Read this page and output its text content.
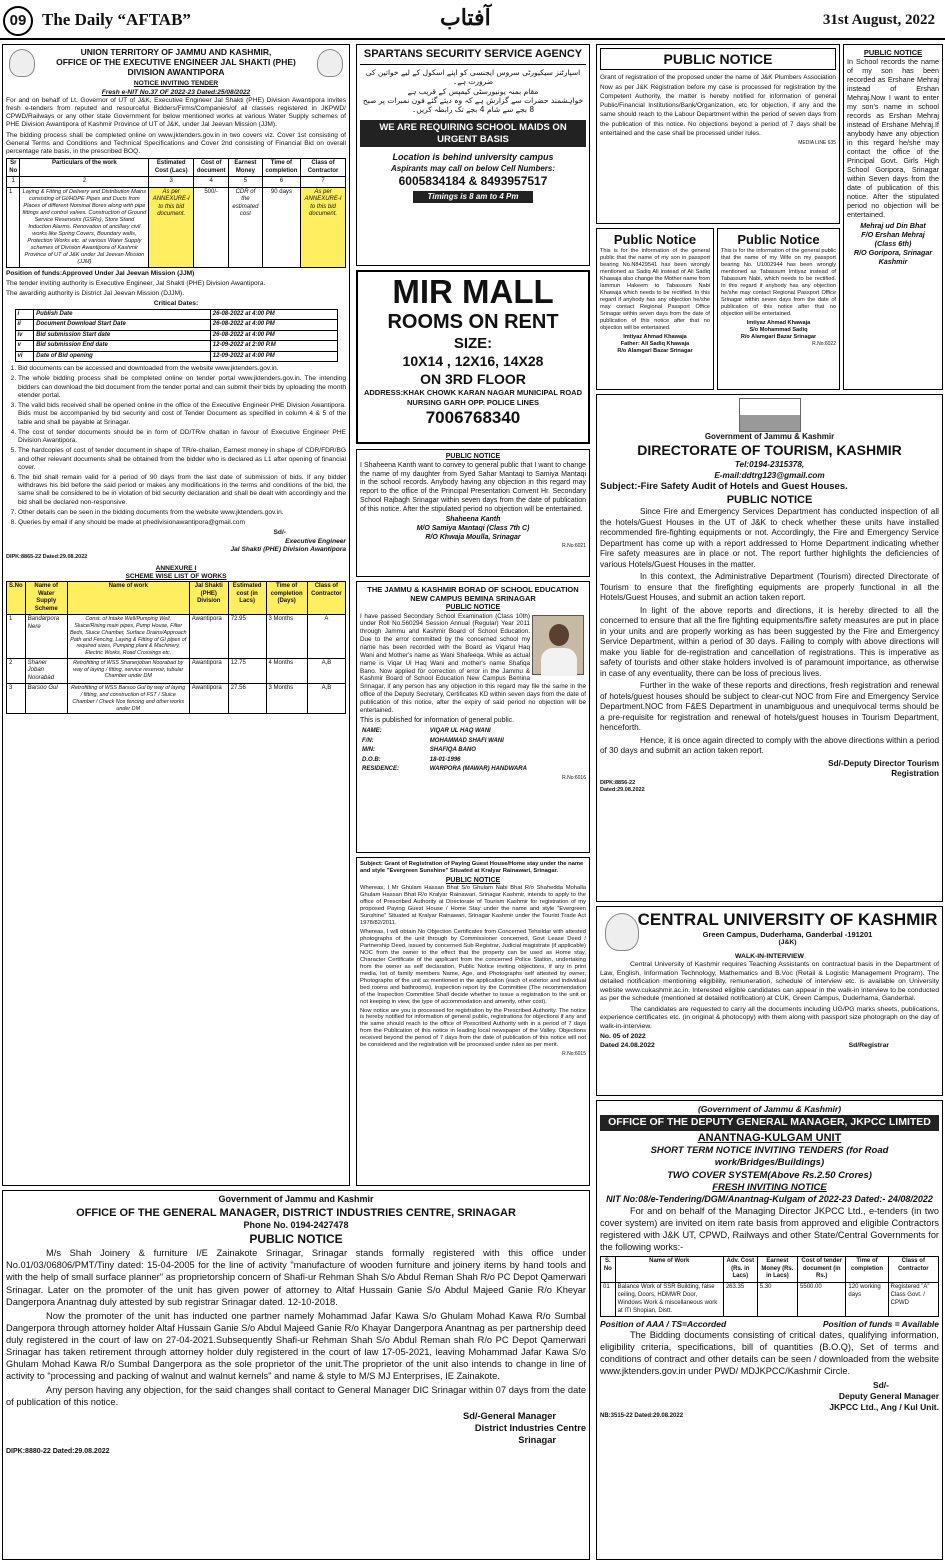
09 The Daily “AFTAB”	آفتاب	31st August, 2022
UNION TERRITORY OF JAMMU AND KASHMIR,
OFFICE OF THE EXECUTIVE ENGINEER JAL SHAKTI (PHE)
DIVISION AWANTIPORA
NOTICE INVITING TENDER
Fresh e-NIT No.37 OF 2022-23 Dated:25/08/2022

For and on behalf of Lt. Governor of UT of J&K, Executive Engineer Jal Shakti (PHE) Division Awantipora invites fresh e-tenders from reputed and resourceful Bidders/Firms/Companies/of all classes registered in JKPWD/ CPWD/Railways or any other state Government for below mentioned works at various Water Supply schemes of PHE Division Awantipora of Kashmir Province of UT of J&K, under Jal Jeevan Mission (JJM).

The bidding process shall be completed online on www.jktenders.gov.in in two covers viz. Cover 1st consisting of General Terms and Conditions and Technical Specifications and Cover 2nd consisting of Financial Bid on overall percentage rate basis, in the prescribed BOQ.

Sr No	Particulars of the work	Estimated Cost (Lacs)	Cost of document	Earnest Money	Time of completion	Class of Contractor
1	2	3	4	5	6	7
1	Laying & Fitting of Delivery and Distribution Mains consisting of GI/HDPE Pipes and Ducts from Places of different Nominal Bores along with pipe fittings and control valves. Construction of Ground Service Reservoirs (GSRs), Store Stand Induction Alarms. Renovation of ancillary civil works like Spring Covers, Boundary walls, Protection Works etc. at various Water Supply schemes of Division Awantipora of Kashmir Province of UT of J&K under Jal Jeevan Mission (JJM)	As per ANNEXURE-I to this bid document.	500/-	CDR of the estimated cost	90 days	As per ANNEXURE-I to this bid document.

Position of funds:Approved Under Jal Jeevan Mission (JJM)

The tender inviting authority is Executive Engineer, Jal Shakti (PHE) Division Awantipora.

The awarding authority is District Jal Jeevan Mission (DJJM).

Critical Dates:
i	Publish Date	26-08-2022 at 4:00 PM
ii	Document Download Start Date	26-08-2022 at 4:00 PM
iv	Bid submission Start date	26-08-2022 at 4:00 PM
v	Bid submission End date	12-09-2022 at 2:00 P.M
vi	Date of Bid opening	12-09-2022 at 4:00 PM
1. Bid documents can be accessed and downloaded from the website www.jktenders.gov.in.
2. The whole bidding process shall be completed online on tender portal www.jktenders.gov.in. The intending bidders can download the bid document from the tender portal and can submit their bids by uploading the month etender portal.
3. The valid bids received shall be opened online in the office of the Executive Engineer PHE Division Awantipora. Bids must be accompanied by bid security and cost of Tender Document as specified in column 4 & 5 of the table and shall be payable at Srinagar.
4. The cost of tender documents should be in form of DD/TR/e challan in favour of Executive Engineer PHE Division Awantipora.
5. The hardcopies of cost of tender document in shape of TR/e-challan, Earnest money in shape of CDR/FDR/BG and other relevant documents shall be obtained from the bidder who is declared as L1 after opening of financial cover.
6. The bid shall remain valid for a period of 90 days from the last date of submission of bids. If any bidder withdraws his bid before the said period or makes any modifications in the terms and conditions of the bid, the same shall be considered to be in violation of bid security declaration and shall be dealt with accordingly and the bid shall be declared non-responsive.
7. Other details can be seen in the bidding documents from the website www.jktenders.gov.in.
8. Queries by email if any should be made at phedivisionawantipora@gmail.com
Sd/-
Executive Engineer
Jal Shakti (PHE) Division Awantipora
DIPK:8865-22 Dated:29.08.2022
ANNEXURE I
SCHEME WISE LIST OF WORKS
S.No	Name of Water Supply Scheme	Name of work	Jal Shakti (PHE) Division	Estimated cost (in Lacs)	Time of completion (Days)	Class of Contractor
1	Bandarpora Nere	Const. of Intake Well/Pumping Well, Sluice/Rising main pipes, Pump House, Filter Beds, Sluice Chamber, Surface Drains/Approach Path and Fencing, Laying & Fitting of GI pipes of required sizes, Pumping plant & Machinery, Electric Works, Road Crossings etc.	Awantipora	72.95	3 Months	A
2	Shaner Joban Noorabad	Retrofitting of WSS Shanerjoban Noorabad by way of laying / fitting, service reservoir, tubular Chamber under DM	Awantipora	12.75	4 Months	A,B
3	Barsoo Gul	Retrofitting of WSS Barsoo Gul by way of laying / fitting, and construction of FST / Sluice Chamber / Check Nos fencing and other works under DM	Awantipora	27.56	3 Months	A,B
SPARTANS SECURITY SERVICE AGENCY
اسپارٹنز سیکیورٹی سروس ایجنسی کو اپنے اسکول کے لیے خواتین کی ضرورت ہے۔
مقام بمنہ یونیورسٹی کیمپس کے قریب ہے
خواہشمند حضرات سے گزارش ہے کہ وہ دیئے گئے فون نمبرات پر صبح 8 بجے سے شام 4 بجے تک رابطہ کریں۔
WE ARE REQUIRING SCHOOL MAIDS ON URGENT BASIS
Location is behind university campus
Aspirants may call on below Cell Numbers:
6005834184 & 8493957517
Timings is 8 am to 4 Pm
MIR MALL
ROOMS ON RENT
SIZE:
10X14 , 12X16, 14X28
ON 3RD FLOOR
ADDRESS:KHAK CHOWK KARAN NAGAR MUNICIPAL ROAD NURSING GARH OPP. POLICE LINES
7006768340
PUBLIC NOTICE

I Shaheena Kanth want to convey to general public that I want to change the name of my daughter from Syed Sahar Mantaqi to Samiya Mantaqi in the school records. Anybody having any objection in this regard may report to the office of the Principal Presentation Convent Hr. Secondary School Rajbagh Srinagar within seven days from the date of publication of this notice. After the stipulated period no objection will be entertained.

Shaheena Kanth
M/O Samiya Mantaqi (Class 7th C)
R/O Khwaja Moulla, Srinagar
R.No:6021
THE JAMMU & KASHMIR BORAD OF SCHOOL EDUCATION
NEW CAMPUS BEMINA SRINAGAR
PUBLIC NOTICE

I have passed Secondary School Examination (Class 10th) under Roll No.560294 Session Annual (Regular) Year 2011 through Jammu and Kashmir Board of School Education. Due to the error committed by the concerned school my name has been recorded with the Board as Viqarul Haq Wani and Mother's name as Wani Shafeeqa. While as actual name is Viqar Ul Haq Wani and mother's name Shafiqa Bano. Now applied for correction of error in the Jammu & Kashmir Board of School Education New Campus Bemina Srinagar, if any person has any objection in this regard may file the same in the office of the Deputy Secretary, Certificates KD within seven days from the date of publication of this notice, after the expiry of said period no objection will be entertained.

This is published for information of general public.

NAME:	VIQAR UL HAQ WANI
F/N:	MOHAMMAD SHAFI WANI
M/N:	SHAFIQA BANO
D.O.B:	18-01-1996
RESIDENCE:	WARPORA (MAWAR) HANDWARA
R.No:6016

Subject: Grant of Registration of Paying Guest House/Home stay under the name and style "Evergreen Sunshine" Situated at Kralyar Rainawari, Srinagar.

PUBLIC NOTICE

Whereas, I Mr Ghulam Hassan Bhat S/o Ghulam Nabi Bhat R/o Shahedda Mohalla Ghulam Hassan Bhat R/o Kralyar Rainawari, Srinagar Kashmir, intends to apply to the office of Prescribed Authority at Directorate of Tourism Kashmir for registration of my proposed Paying Guest House / Home Stay under the name and style "Evergreen Sunshine" Situated at Kralyar Rainawari, Srinagar Kashmir under the Tourist Trade Act 1978/82/2011.

Whereas, I will obtain No Objection Certificates from Concerned Tehsildar with attested photographs of the unit through by Commissioner concerned, Govt Lease Deed / Partnership Deed, issued by concerned Sub Registrar, Judicial magistrate (if applicable) NOC from the owner to the effect that the property can be used as Home stay, Character Certificate of the applicant from the concerned Police Station, undertaking from the owner as self declaration, Public Notice inviting objections, if any in print media, list of family members Name, Age, and Photographs self attested by owner, Photographs of the unit as mentioned in the application (each of exterior and individual bed rooms and bathrooms), inspection report by the Committee (The recommendation of the Inspection Committee Shall decide whether to issue a registration to the unit or not keeping in view, the type of accommodation and amenity, other cost).

Now notice are you is processed for registration by the Prescribed Authority. The notice is hereby notified for information of general public, registrations for objections if any and the same should reach to the office of Prescribed Authority with in a period of 7 days from the Publication of this notice in leading local newspaper of the Valley. Objections received beyond the period of 7 days from the date of publication of this notice will not be considered and the registration will be processed under rules as per merit.

R.No:6015
Government of Jammu and Kashmir
OFFICE OF THE GENERAL MANAGER, DISTRICT INDUSTRIES CENTRE, SRINAGAR
Phone No. 0194-2427478
PUBLIC NOTICE

M/s Shah Joinery & furniture I/E Zainakote Srinagar, Srinagar stands formally registered with this office under No.01/03/06806/PMT/Tiny dated: 15-04-2005 for the line of activity "manufacture of wooden furniture and joinery items by hand tools and with the help of small surface planner" as proprietorship concern of Shafi-ur Rehman Shah S/o Abdul Reman Shah R/o PC Depot Qamerwari Srinagar. Later on the promoter of the unit has given power of attorney to Altaf Hussain Ganie S/o Abdul Majeed Ganie R/o Kheyar Dangerpora Anantnag duly attested by sub registrar Srinagar dated. 12-10-2018.

Now the promoter of the unit has inducted one partner namely Mohammad Jafar Kawa S/o Ghulam Mohad Kawa R/o Sumbal Dangerpora through attorney holder Altaf Hussain Ganie S/o Abdul Majeed Ganie R/o Khayar Dangerpora Anantnag as per partnership deed duly registered in the court of law on 27-04-2021.Subsequently Shafi-ur Rehman Shah S/o Abdul Reman shah R/o PC Depot Qamerwari Srinagar has taken retirement through attorney holder duly registered in the court of law 17-05-2021, leaving Mohammad Jafar Kawa S/o Ghulam Mohad Kawa R/o Sumbal Dangerpora as the sole proprietor of the unit.The proprietor of the unit also intends to change in line of activity to "processing and packing of walnut and walnut kernels" and name & style to M/S MJ Enterprises, IE Zainakote.

Any person having any objection, for the said changes shall contact to General Manager DIC Srinagar within 07 days from the date of publication of this notice.

Sd/-General Manager
District Industries Centre
Srinagar
DIPK:8880-22 Dated:29.08.2022
PUBLIC NOTICE

Grant of registration of the proposed under the name of J&K Plumbers Association Now as per J&K Registration before my case is processed for registration by the Competent Authority, the matter is hereby notified for information of general Public/Financial Institutions/Bank/Organization, etc for objection, if any and the same should reach to the Labour Department within the period of seven days from the publication of this notice. No objections beyond a period of 7 days shall be entertained and the case shall be processed under rules.

MEDIA LINE 635
PUBLIC NOTICE

In School records the name of my son has been recorded as Ershane Mehraj instead of Ershan Mehraj.Now I want to enter my son's name in school records as Ershan Mehraj instead of Ershane Mehraj.If anybody have any objection in this regard he/she may contact the office of the Principal Govt. Girls High School Goripora, Srinagar within Seven days from the date of publication of this notice. After the stipulated period no objection will be entertained.

Mehraj ud Din Bhat
F/O Ershan Mehraj
(Class 6th)
R/O Goripora, Srinagar Kashmir
Public Notice

This is for the information of the general public that the name of my son in passport bearing No.N8429541 has been wrongly mentioned as Sadiq Ali instead of Ali Sadiq Khawaja also change the Mother name from Iammun Hakeem to Tabassum Nabi Khawaja which needs to be rectified. In this regard if anybody has any objection he/she may contact Regional Passport Office Srinagar within seven days from the date of publication of this notice after that no objection will be entertained.

Imtiyaz Ahmad Khawaja
Father: Ali Sadiq Khawaja
R/o Alamgari Bazar Srinagar
Public Notice

This is for the information of the general public that the name of my Wife on my passport bearing No. U1002944 has been wrongly mentioned as Tabassum Imtiyaz instead of Tabassum Nabi, which needs to be rectified. In this regard if anybody has any objection he/she may contact Regional Passport Office Srinagar within seven days from the date of publication of this notice after that no objection will be entertained.

Imtiyaz Ahmad Khawaja
S/o Mohammad Sadiq
R/o Alamgari Bazar Srinagar
R.No:6022
Government of Jammu & Kashmir
DIRECTORATE OF TOURISM, KASHMIR
Tel:0194-2315378,
E-mail:ddtrg123@gmail.com
Subject:-Fire Safety Audit of Hotels and Guest Houses.
PUBLIC NOTICE

Since Fire and Emergency Services Department has conducted inspection of all the hotels/Guest Houses in the UT of J&K to check whether these units have installed recommended fire-fighting equipments or not. Accordingly, the Fire and Emergency Service Department has come up with a report addressed to Home Department indicating whether Fire safety measures are in place or not. The report further highlights the deficiencies of various Hotels/Guest Houses in the matter.

In this context, the Administrative Department (Tourism) directed Directorate of Tourism to ensure that the firefighting equipments are properly functional in all the Hotels/Guest Houses, and submit an action taken report.

In light of the above reports and directions, it is hereby directed to all the concerned to ensure that all the fire fighting equipments/fire safety measures are put in place in your units and are properly working as has been suggested by the Fire and Emergency Service Department, within a period of 30 days. Failing to comply with above directions will make you liable for de-registration and cancellation of registrations. This is imperative as safety of tourists and other stake holders involved is of paramount importance, as otherwise in case of any eventuality, there can be loss of precious lives.

Further in the wake of these reports and directions, fresh registration and renewal of hotels/guest houses should be subject to clear-cut NOC from Fire and Emergency Service Department.NOC from F&ES Department in unambiguous and unequivocal terms should be a pre-requisite for registration and renewal of hotels/guest houses in Tourism Department, henceforth.

Hence, it is once again directed to comply with the above directions within a period of 30 days and submit an action taken report.

Sd/-Deputy Director Tourism
Registration
DIPK:8856-22
Dated:29.08.2022
CENTRAL UNIVERSITY OF KASHMIR
Green Campus, Duderhama, Ganderbal -191201
(J&K)
WALK-IN-INTERVIEW

Central University of Kashmir requires Teaching Assistants on contractual basis in the Department of Law, English, Information Technology, Mathematics and B.Voc (Retail & Logistic Management Program). The detailed notification mentioning eligibility, remuneration, schedule of interview etc. is available on University website www.cukashmir.ac.in. Interested eligible candidates can appear in the walk-in interview to be conducted as per the schedule (mentioned at detailed notification) at CUK, Green Campus, Duderhama, Ganderbal.

The candidates are requested to carry all the documents including UG/PG marks sheets, publications, experience certificates etc. (in original & photocopy) with them along with passport size photograph on the day of walk-in-interview.

No. 05 of 2022
Dated 24.08.2022	Sd/Registrar
(Government of Jammu & Kashmir)
OFFICE OF THE DEPUTY GENERAL MANAGER, JKPCC LIMITED
ANANTNAG-KULGAM UNIT
SHORT TERM NOTICE INVITING TENDERS (for Road work/Bridges/Buildings)
TWO COVER SYSTEM(Above Rs.2.50 Crores)
FRESH INVITING NOTICE
NIT No:08/e-Tendering/DGM/Anantnag-Kulgam of 2022-23 Dated:- 24/08/2022

For and on behalf of the Managing Director JKPCC Ltd., e-tenders (in two cover system) are invited on item rate basis from approved and eligible Contractors registered with J&K UT, CPWD, Railways and other State/Central Governments for the following works:-

S. No	Name of Work	Adv. Cost (Rs. in Lacs)	Earnest Money (Rs. in Lacs)	Cost of tender document (in Rs.)	Time of completion	Class of Contractor
01	Balance Work of SSR Building, false ceiling, Doors, HDMWR Door, Windows Work & miscellaneous work at ITI Shopian, Distt.	263.35	5.30	5500.00	120 working days	Registered "A" Class Govt. / CPWD
Position of AAA / TS=Accorded	Position of funds = Available

The Bidding documents consisting of critical dates, qualifying information, eligibility criteria, specifications, bill of quantities (B.O.Q), Set of terms and conditions of contract and other details can be seen / downloaded from the website www.jktenders.gov.in under PWD/ MDJKPCC/Kashmir Circle.

Sd/-
Deputy General Manager
JKPCC Ltd., Ang / Kul Unit.
NB:3515-22 Dated:29.08.2022
